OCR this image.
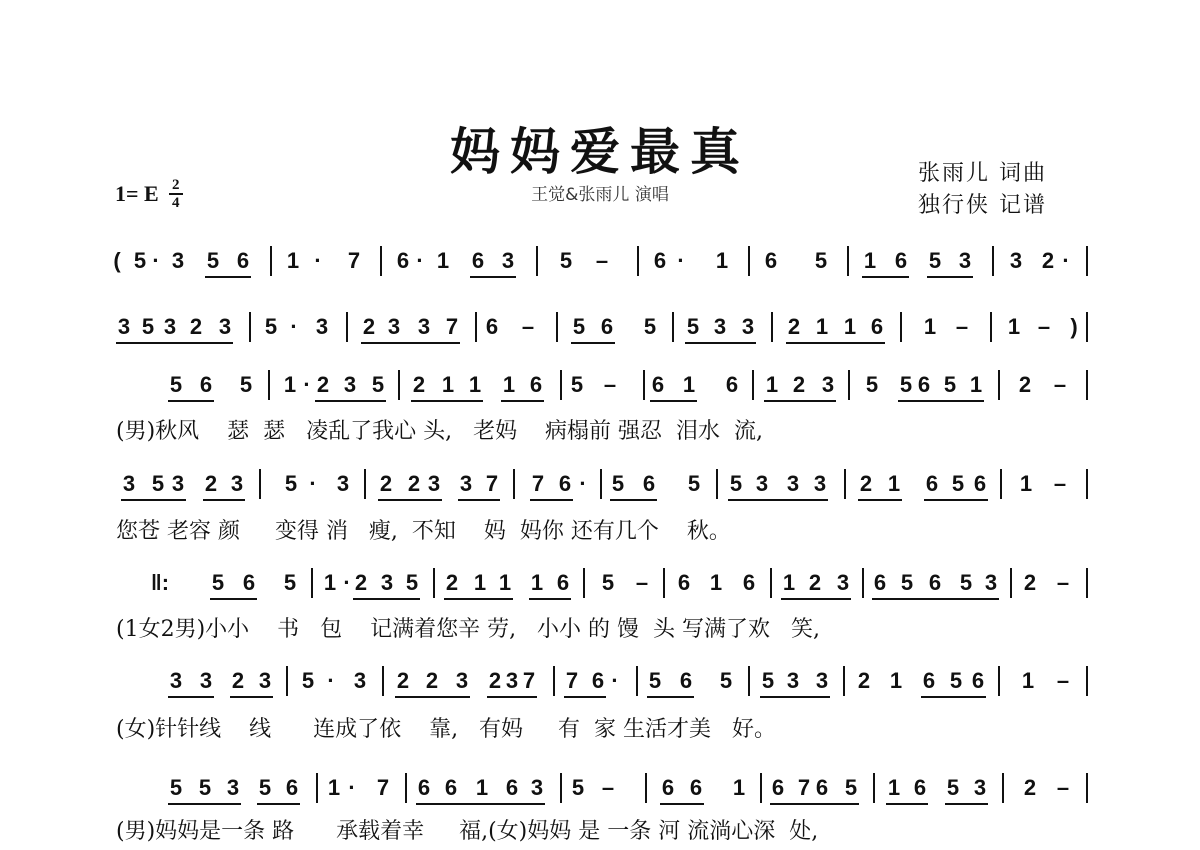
妈妈爱最真
1= E $\frac{2}{4}$	王觉&张雨儿 演唱
张雨儿 词曲
独行侠 记谱
( 5 · 3 5 6 1 · 7 6 · 1 6 3 5 – 6 · 1 6 5 1 6 5 3 3 2 ·
3 5 3 2 3 5 · 3 2 3 3 7 6 – 5 6 5 5 3 3 2 1 1 6 1 – 1 – )
5 6 5 1 · 2 3 5 2 1 1 1 6 5 – 6 1 6 1 2 3 5 5 6 5 1 2 –
3 5 3 2 3 5 · 3 2 2 3 3 7 7 6 · 5 6 5 5 3 3 3 2 1 6 5 6 1 –
‖: 5 6 5 1 · 2 3 5 2 1 1 1 6 5 – 6 1 6 1 2 3 6 5 6 5 3 2 –
3 3 2 3 5 · 3 2 2 3 2 3 7 7 6 · 5 6 5 5 3 3 2 1 6 5 6 1 –
5 5 3 5 6 1 · 7 6 6 1 6 3 5 – 6 6 1 6 7 6 5 1 6 5 3 2 –
(男)秋风    瑟  瑟   凌乱了我心 头,   老妈    病榻前 强忍  泪水  流,
您苍 老容 颜     变得 消   瘦,  不知    妈  妈你 还有几个    秋。
(1女2男)小小    书   包    记满着您辛 劳,   小小 的 馒  头 写满了欢   笑,
(女)针针线    线      连成了依    靠,   有妈     有  家 生活才美   好。
(男)妈妈是一条 路      承载着幸     福,(女)妈妈 是 一条 河 流淌心深  处,
